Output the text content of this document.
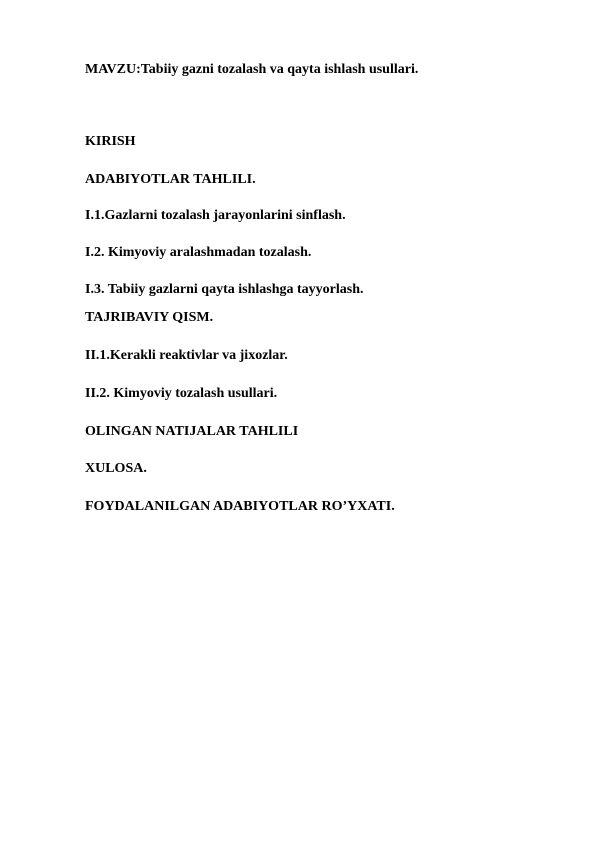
MAVZU:Tabiiy gazni tozalash va qayta ishlash usullari.
KIRISH
ADABIYOTLAR TAHLILI.
I.1.Gazlarni tozalash jarayonlarini sinflash.
I.2. Kimyoviy aralashmadan tozalash.
I.3. Tabiiy gazlarni qayta ishlashga tayyorlash.
TAJRIBAVIY QISM.
II.1.Kerakli reaktivlar va jixozlar.
II.2. Kimyoviy tozalash usullari.
OLINGAN NATIJALAR TAHLILI
XULOSA.
FOYDALANILGAN ADABIYOTLAR RO’YXATI.
